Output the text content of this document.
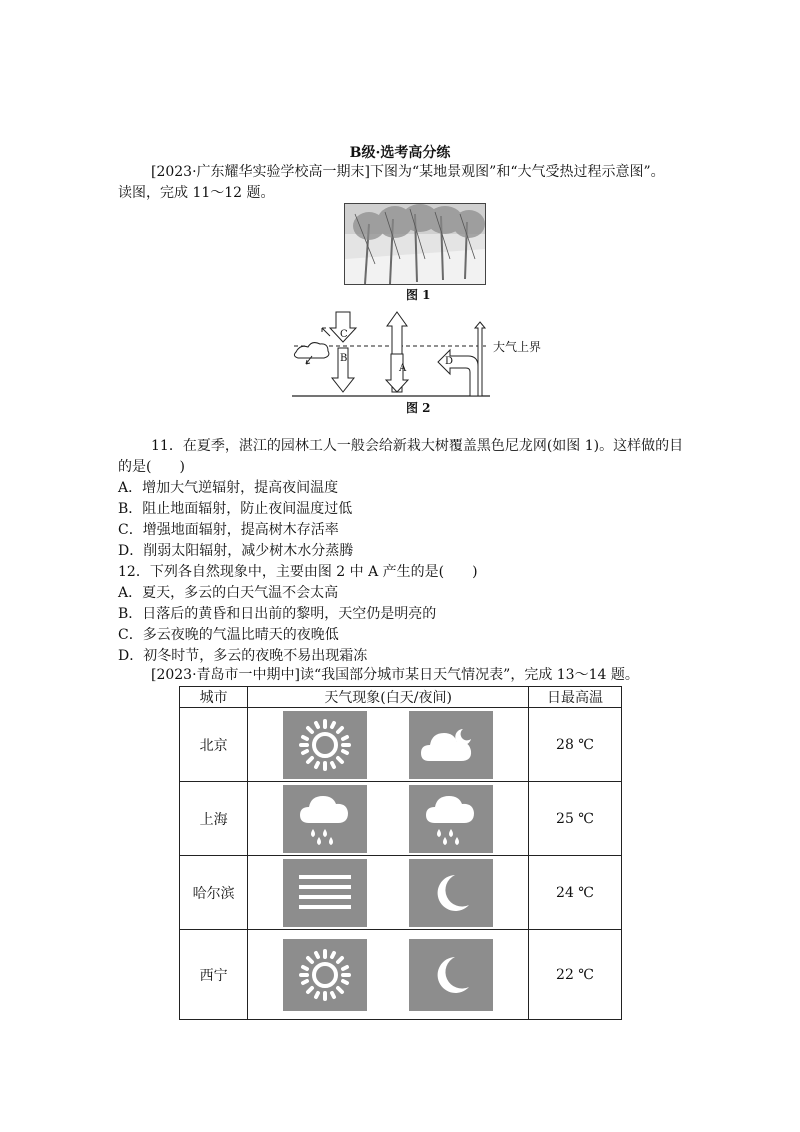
B级·选考高分练
[2023·广东耀华实验学校高一期末]下图为“某地景观图”和“大气受热过程示意图”。
读图，完成 11～12 题。
图 1
C
B
A
D
大气上界
图 2
11．在夏季，湛江的园林工人一般会给新栽大树覆盖黑色尼龙网(如图 1)。这样做的目
的是(　　)
A．增加大气逆辐射，提高夜间温度
B．阻止地面辐射，防止夜间温度过低
C．增强地面辐射，提高树木存活率
D．削弱太阳辐射，减少树木水分蒸腾
12．下列各自然现象中，主要由图 2 中 A 产生的是(　　)
A．夏天，多云的白天气温不会太高
B．日落后的黄昏和日出前的黎明，天空仍是明亮的
C．多云夜晚的气温比晴天的夜晚低
D．初冬时节，多云的夜晚不易出现霜冻
[2023·青岛市一中期中]读“我国部分城市某日天气情况表”，完成 13～14 题。
城市	天气现象(白天/夜间)	日最高温
北京		28 ℃
上海		25 ℃
哈尔滨		24 ℃
西宁		22 ℃
